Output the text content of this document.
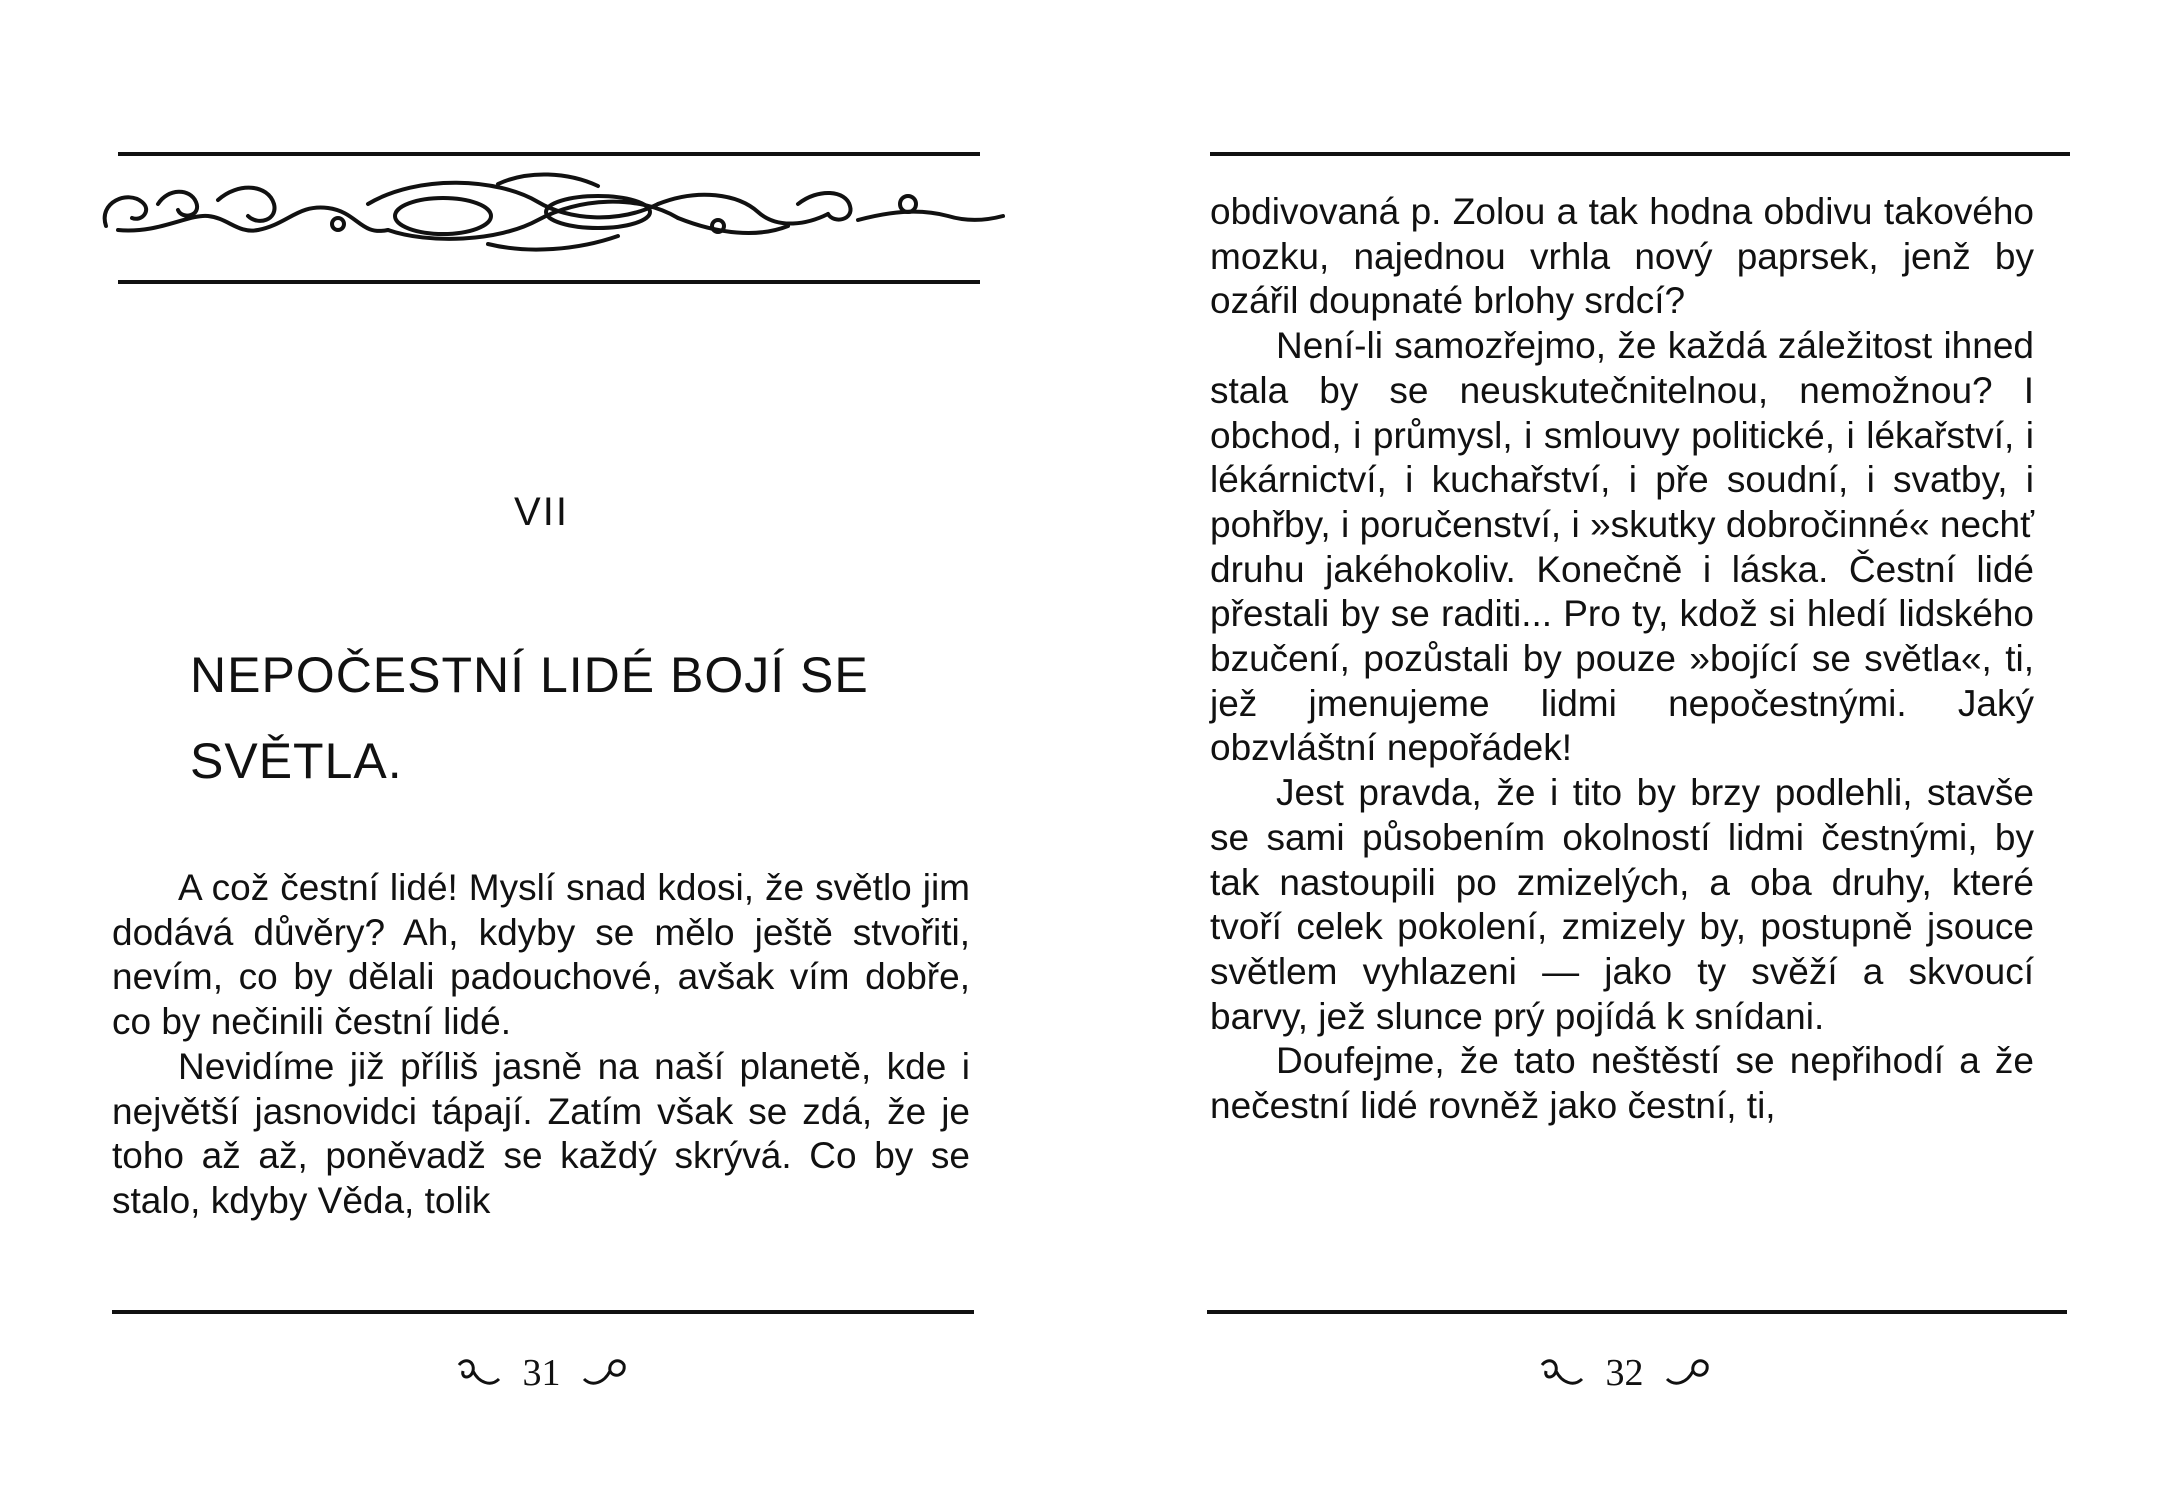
VII
NEPOČESTNÍ LIDÉ BOJÍ SE
SVĚTLA.

A což čestní lidé! Myslí snad kdosi, že světlo jim dodává důvěry? Ah, kdyby se mělo ještě stvořiti, nevím, co by dělali padouchové, avšak vím dobře, co by nečinili čestní lidé.

Nevidíme již příliš jasně na naší planetě, kde i největší jasnovidci tápají. Zatím však se zdá, že je toho až až, poněvadž se každý skrývá. Co by se stalo, kdyby Věda, tolik

31

obdivovaná p. Zolou a tak hodna obdivu takového mozku, najednou vrhla nový paprsek, jenž by ozářil doupnaté brlohy srdcí?

Není-li samozřejmo, že každá záležitost ihned stala by se neuskutečnitelnou, nemožnou? I obchod, i průmysl, i smlouvy politické, i lékařství, i lékárnictví, i kuchařství, i pře soudní, i svatby, i pohřby, i poručenství, i »skutky dobročinné« nechť druhu jakéhokoliv. Konečně i láska. Čestní lidé přestali by se raditi... Pro ty, kdož si hledí lidského bzučení, pozůstali by pouze »bojící se světla«, ti, jež jmenujeme lidmi nepočestnými. Jaký obzvláštní nepořádek!

Jest pravda, že i tito by brzy podlehli, stavše se sami působením okolností lidmi čestnými, by tak nastoupili po zmizelých, a oba druhy, které tvoří celek pokolení, zmizely by, postupně jsouce světlem vyhlazeni — jako ty svěží a skvoucí barvy, jež slunce prý pojídá k snídani.

Doufejme, že tato neštěstí se nepřihodí a že nečestní lidé rovněž jako čestní, ti,

32
